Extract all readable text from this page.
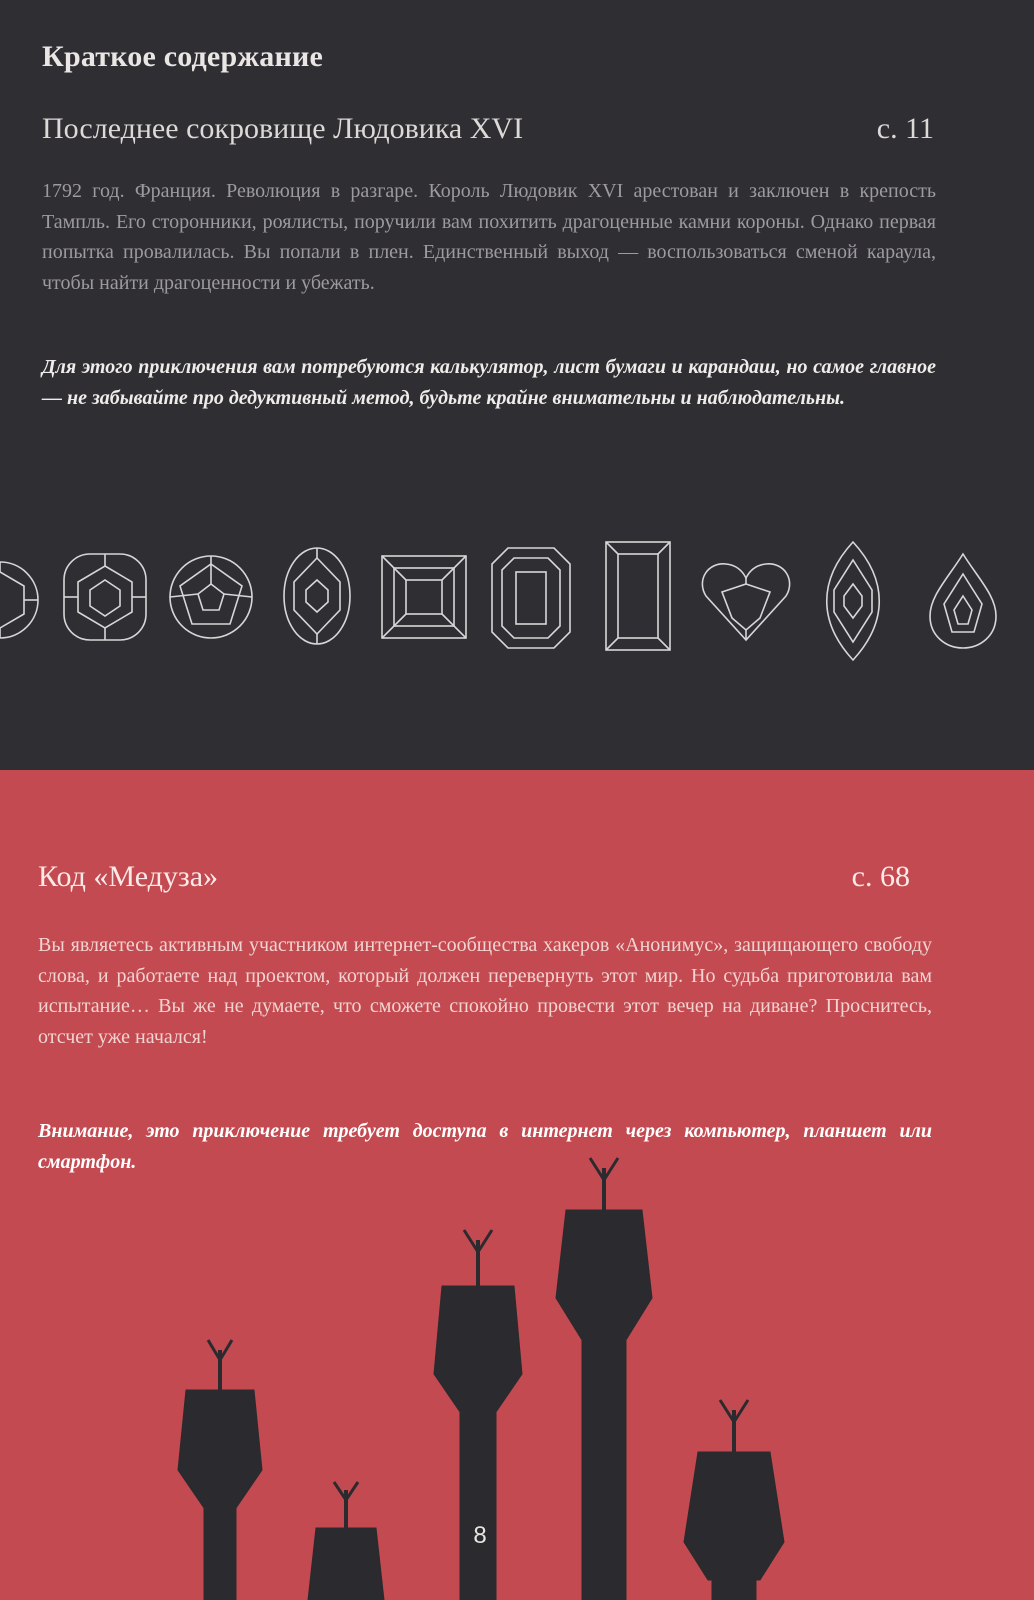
Краткое содержание
Последнее сокровище Людовика XVI	с. 11

1792 год. Франция. Революция в разгаре. Король Людовик XVI арестован и заключен в крепость Тампль. Его сторонники, роялисты, поручили вам похитить драгоценные камни короны. Однако первая попытка провалилась. Вы попали в плен. Единственный выход — воспользоваться сменой караула, чтобы найти драгоценности и убежать.

Для этого приключения вам потребуются калькулятор, лист бумаги и карандаш, но самое главное — не забывайте про дедуктивный метод, будьте крайне внимательны и наблюдательны.

Код «Медуза»	с. 68

Вы являетесь активным участником интернет-сообщества хакеров «Анонимус», защищающего свободу слова, и работаете над проектом, который должен перевернуть этот мир. Но судьба приготовила вам испытание… Вы же не думаете, что сможете спокойно провести этот вечер на диване? Проснитесь, отсчет уже начался!

Внимание, это приключение требует доступа в интернет через компьютер, планшет или смартфон.

8
